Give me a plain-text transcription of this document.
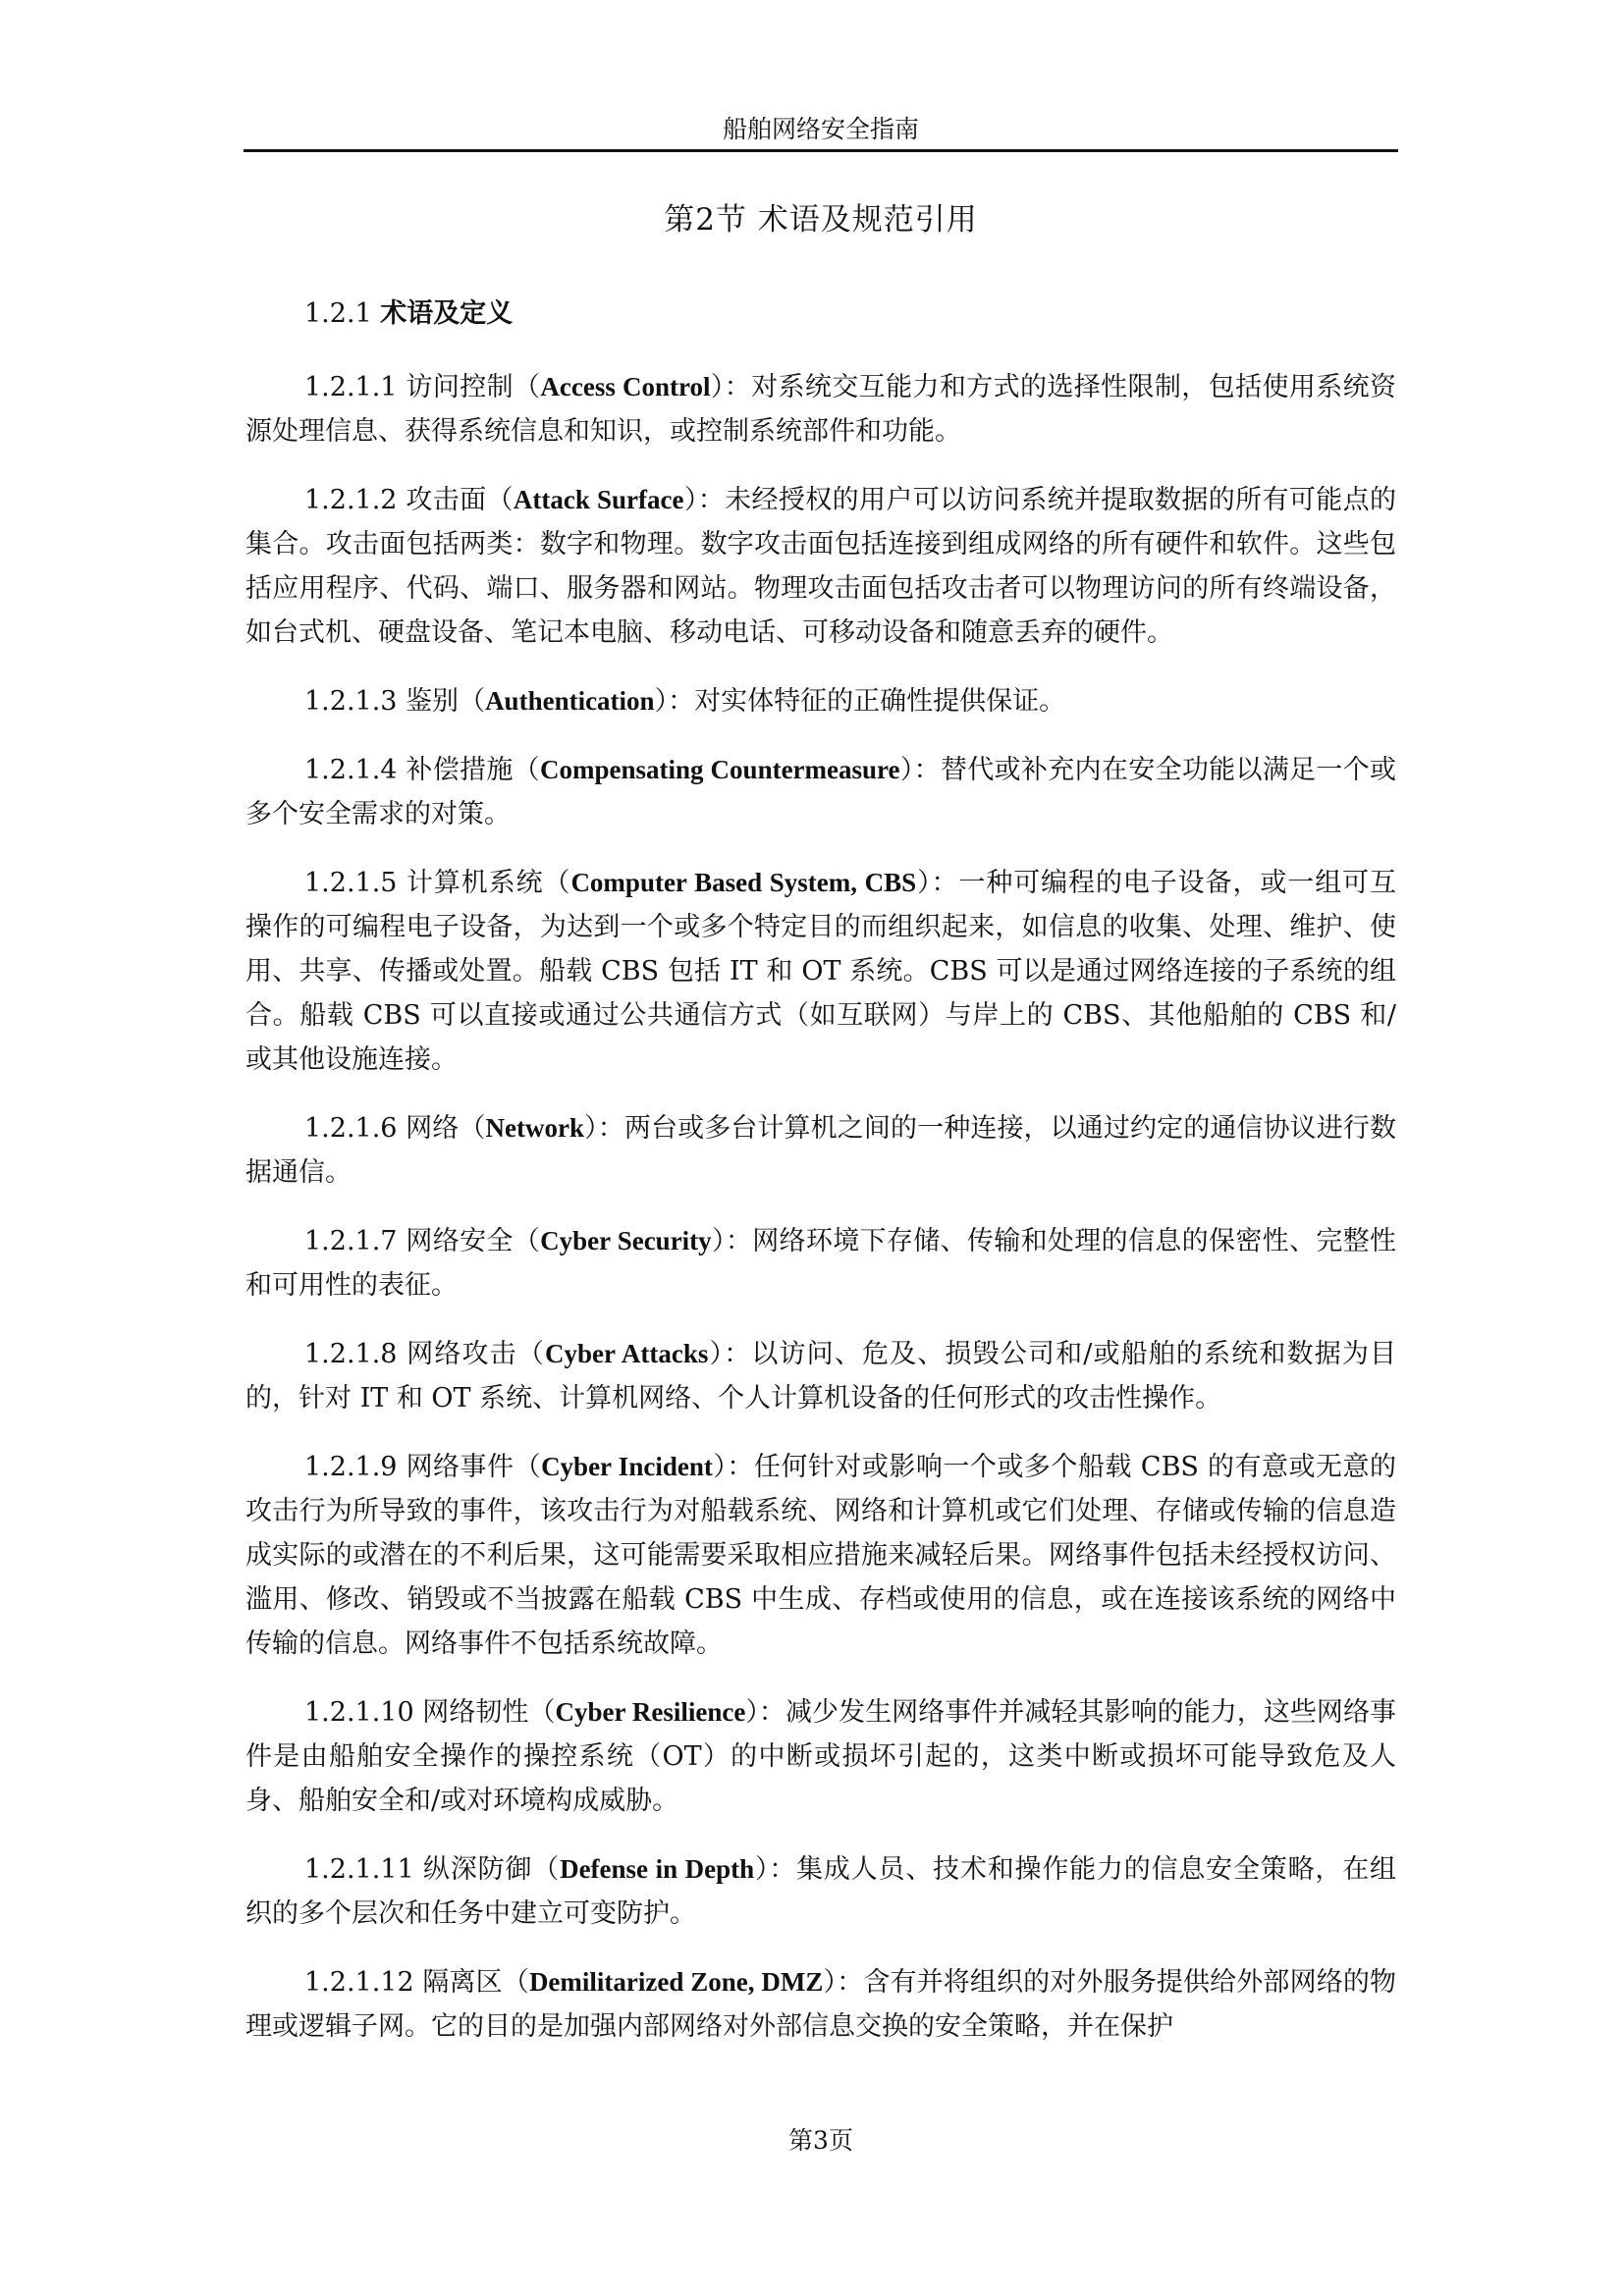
船舶网络安全指南
第2节 术语及规范引用
1.2.1 术语及定义

1.2.1.1 访问控制（Access Control）：对系统交互能力和方式的选择性限制，包括使用系统资源处理信息、获得系统信息和知识，或控制系统部件和功能。

1.2.1.2 攻击面（Attack Surface）：未经授权的用户可以访问系统并提取数据的所有可能点的集合。攻击面包括两类：数字和物理。数字攻击面包括连接到组成网络的所有硬件和软件。这些包括应用程序、代码、端口、服务器和网站。物理攻击面包括攻击者可以物理访问的所有终端设备，如台式机、硬盘设备、笔记本电脑、移动电话、可移动设备和随意丢弃的硬件。

1.2.1.3 鉴别（Authentication）：对实体特征的正确性提供保证。

1.2.1.4 补偿措施（Compensating Countermeasure）：替代或补充内在安全功能以满足一个或多个安全需求的对策。

1.2.1.5 计算机系统（Computer Based System, CBS）：一种可编程的电子设备，或一组可互操作的可编程电子设备，为达到一个或多个特定目的而组织起来，如信息的收集、处理、维护、使用、共享、传播或处置。船载 CBS 包括 IT 和 OT 系统。CBS 可以是通过网络连接的子系统的组合。船载 CBS 可以直接或通过公共通信方式（如互联网）与岸上的 CBS、其他船舶的 CBS 和/或其他设施连接。

1.2.1.6 网络（Network）：两台或多台计算机之间的一种连接，以通过约定的通信协议进行数据通信。

1.2.1.7 网络安全（Cyber Security）：网络环境下存储、传输和处理的信息的保密性、完整性和可用性的表征。

1.2.1.8 网络攻击（Cyber Attacks）：以访问、危及、损毁公司和/或船舶的系统和数据为目的，针对 IT 和 OT 系统、计算机网络、个人计算机设备的任何形式的攻击性操作。

1.2.1.9 网络事件（Cyber Incident）：任何针对或影响一个或多个船载 CBS 的有意或无意的攻击行为所导致的事件，该攻击行为对船载系统、网络和计算机或它们处理、存储或传输的信息造成实际的或潜在的不利后果，这可能需要采取相应措施来减轻后果。网络事件包括未经授权访问、滥用、修改、销毁或不当披露在船载 CBS 中生成、存档或使用的信息，或在连接该系统的网络中传输的信息。网络事件不包括系统故障。

1.2.1.10 网络韧性（Cyber Resilience）：减少发生网络事件并减轻其影响的能力，这些网络事件是由船舶安全操作的操控系统（OT）的中断或损坏引起的，这类中断或损坏可能导致危及人身、船舶安全和/或对环境构成威胁。

1.2.1.11 纵深防御（Defense in Depth）：集成人员、技术和操作能力的信息安全策略，在组织的多个层次和任务中建立可变防护。

1.2.1.12 隔离区（Demilitarized Zone, DMZ）：含有并将组织的对外服务提供给外部网络的物理或逻辑子网。它的目的是加强内部网络对外部信息交换的安全策略，并在保护

第3页
